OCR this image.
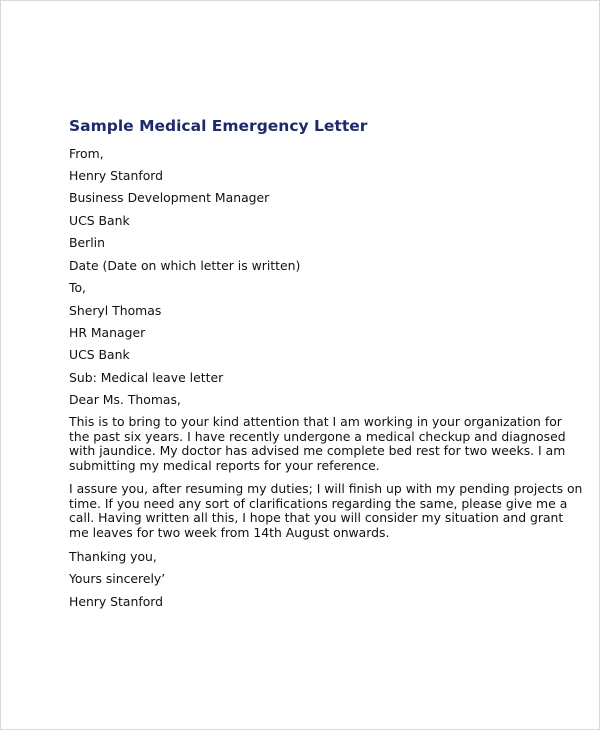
Sample Medical Emergency Letter
From,
Henry Stanford
Business Development Manager
UCS Bank
Berlin
Date (Date on which letter is written)
To,
Sheryl Thomas
HR Manager
UCS Bank
Sub: Medical leave letter
Dear Ms. Thomas,
This is to bring to your kind attention that I am working in your organization for
the past six years. I have recently undergone a medical checkup and diagnosed
with jaundice. My doctor has advised me complete bed rest for two weeks. I am
submitting my medical reports for your reference.
I assure you, after resuming my duties; I will finish up with my pending projects on
time. If you need any sort of clarifications regarding the same, please give me a
call. Having written all this, I hope that you will consider my situation and grant
me leaves for two week from 14th August onwards.
Thanking you,
Yours sincerely’
Henry Stanford
